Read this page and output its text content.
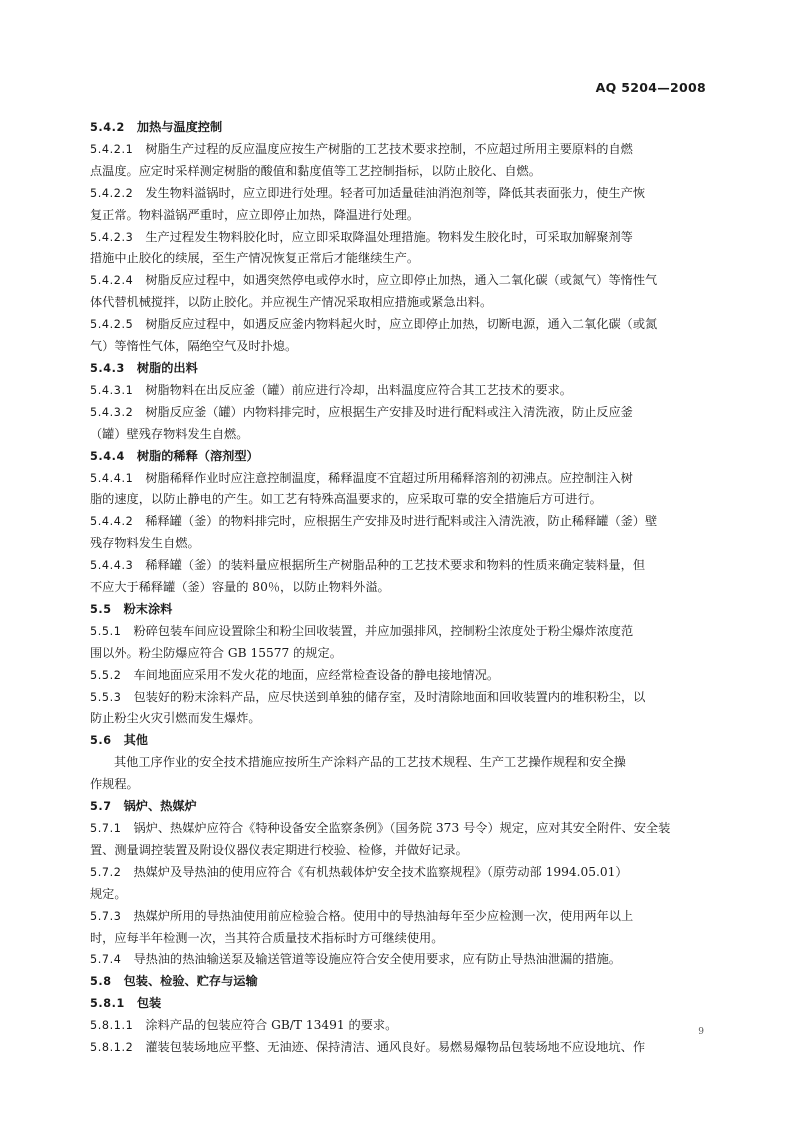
AQ 5204—2008
5.4.2 加热与温度控制
5.4.2.1 树脂生产过程的反应温度应按生产树脂的工艺技术要求控制，不应超过所用主要原料的自燃
点温度。应定时采样测定树脂的酸值和黏度值等工艺控制指标，以防止胶化、自燃。
5.4.2.2 发生物料溢锅时，应立即进行处理。轻者可加适量硅油消泡剂等，降低其表面张力，使生产恢
复正常。物料溢锅严重时，应立即停止加热，降温进行处理。
5.4.2.3 生产过程发生物料胶化时，应立即采取降温处理措施。物料发生胶化时，可采取加解聚剂等
措施中止胶化的续展，至生产情况恢复正常后才能继续生产。
5.4.2.4 树脂反应过程中，如遇突然停电或停水时，应立即停止加热，通入二氧化碳（或氮气）等惰性气
体代替机械搅拌，以防止胶化。并应视生产情况采取相应措施或紧急出料。
5.4.2.5 树脂反应过程中，如遇反应釜内物料起火时，应立即停止加热，切断电源，通入二氧化碳（或氮
气）等惰性气体，隔绝空气及时扑熄。
5.4.3 树脂的出料
5.4.3.1 树脂物料在出反应釜（罐）前应进行冷却，出料温度应符合其工艺技术的要求。
5.4.3.2 树脂反应釜（罐）内物料排完时，应根据生产安排及时进行配料或注入清洗液，防止反应釜
（罐）壁残存物料发生自燃。
5.4.4 树脂的稀释（溶剂型）
5.4.4.1 树脂稀释作业时应注意控制温度，稀释温度不宜超过所用稀释溶剂的初沸点。应控制注入树
脂的速度，以防止静电的产生。如工艺有特殊高温要求的，应采取可靠的安全措施后方可进行。
5.4.4.2 稀释罐（釜）的物料排完时，应根据生产安排及时进行配料或注入清洗液，防止稀释罐（釜）壁
残存物料发生自燃。
5.4.4.3 稀释罐（釜）的装料量应根据所生产树脂品种的工艺技术要求和物料的性质来确定装料量，但
不应大于稀释罐（釜）容量的 80％，以防止物料外溢。
5.5 粉末涂料
5.5.1 粉碎包装车间应设置除尘和粉尘回收装置，并应加强排风，控制粉尘浓度处于粉尘爆炸浓度范
围以外。粉尘防爆应符合 GB 15577 的规定。
5.5.2 车间地面应采用不发火花的地面，应经常检查设备的静电接地情况。
5.5.3 包装好的粉末涂料产品，应尽快送到单独的储存室，及时清除地面和回收装置内的堆积粉尘，以
防止粉尘火灾引燃而发生爆炸。
5.6 其他
其他工序作业的安全技术措施应按所生产涂料产品的工艺技术规程、生产工艺操作规程和安全操
作规程。
5.7 锅炉、热媒炉
5.7.1 锅炉、热媒炉应符合《特种设备安全监察条例》（国务院 373 号令）规定，应对其安全附件、安全装
置、测量调控装置及附设仪器仪表定期进行校验、检修，并做好记录。
5.7.2 热媒炉及导热油的使用应符合《有机热载体炉安全技术监察规程》（原劳动部 1994.05.01）
规定。
5.7.3 热媒炉所用的导热油使用前应检验合格。使用中的导热油每年至少应检测一次，使用两年以上
时，应每半年检测一次，当其符合质量技术指标时方可继续使用。
5.7.4 导热油的热油输送泵及输送管道等设施应符合安全使用要求，应有防止导热油泄漏的措施。
5.8 包装、检验、贮存与运输
5.8.1 包装
5.8.1.1 涂料产品的包装应符合 GB/T 13491 的要求。
5.8.1.2 灌装包装场地应平整、无油迹、保持清洁、通风良好。易燃易爆物品包装场地不应设地坑、作
9
